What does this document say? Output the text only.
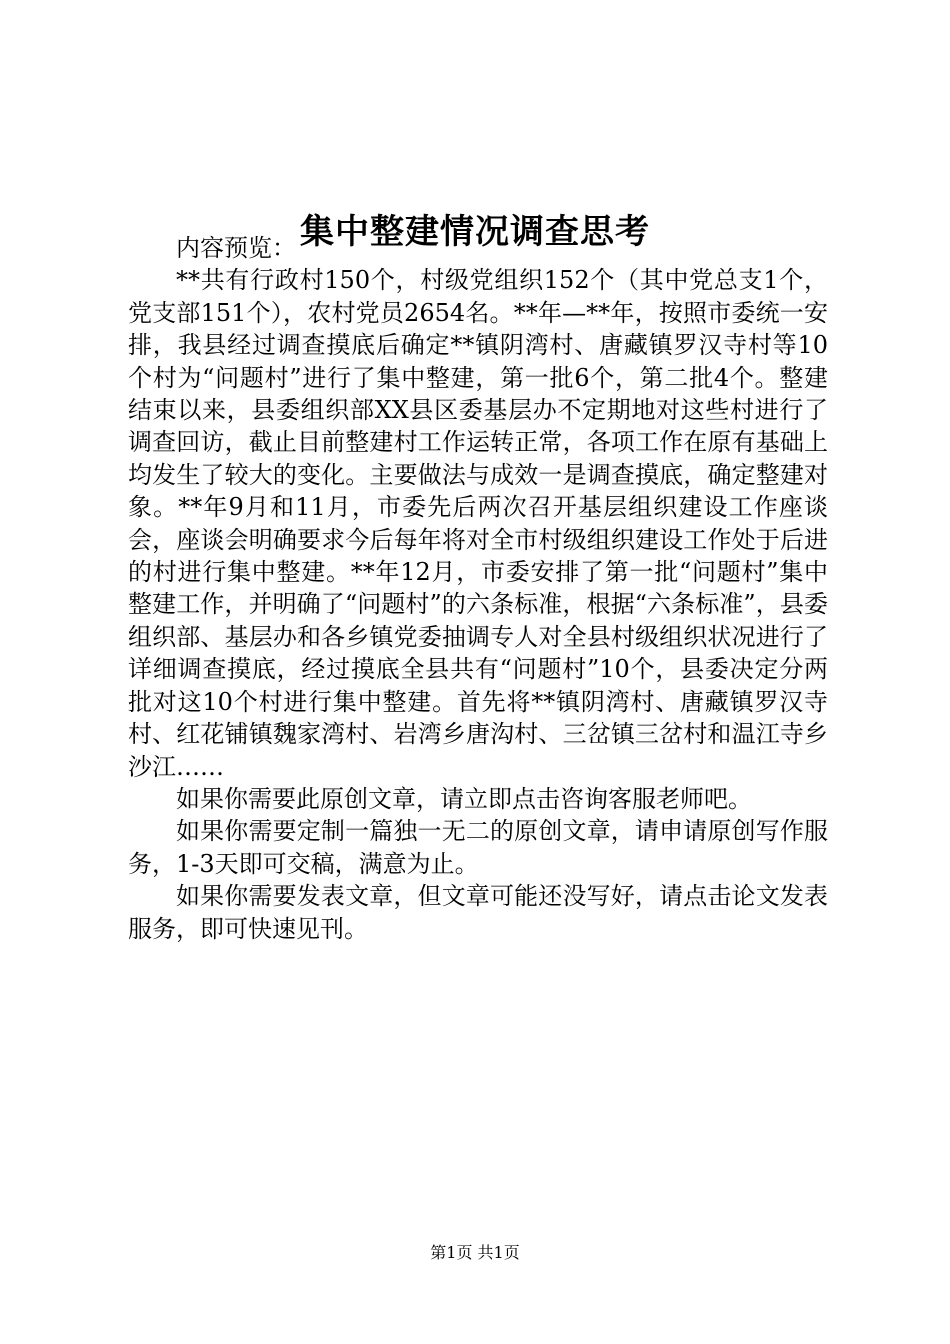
集中整建情况调查思考

内容预览：

**共有行政村150个，村级党组织152个（其中党总支1个，党支部151个），农村党员2654名。**年—**年，按照市委统一安排，我县经过调查摸底后确定**镇阴湾村、唐藏镇罗汉寺村等10个村为“问题村”进行了集中整建，第一批6个，第二批4个。整建结束以来，县委组织部XX县区委基层办不定期地对这些村进行了调查回访，截止目前整建村工作运转正常，各项工作在原有基础上均发生了较大的变化。主要做法与成效一是调查摸底，确定整建对象。**年9月和11月，市委先后两次召开基层组织建设工作座谈会，座谈会明确要求今后每年将对全市村级组织建设工作处于后进的村进行集中整建。**年12月，市委安排了第一批“问题村”集中整建工作，并明确了“问题村”的六条标准，根据“六条标准”，县委组织部、基层办和各乡镇党委抽调专人对全县村级组织状况进行了详细调查摸底，经过摸底全县共有“问题村”10个，县委决定分两批对这10个村进行集中整建。首先将**镇阴湾村、唐藏镇罗汉寺村、红花铺镇魏家湾村、岩湾乡唐沟村、三岔镇三岔村和温江寺乡沙江……

如果你需要此原创文章，请立即点击咨询客服老师吧。

如果你需要定制一篇独一无二的原创文章，请申请原创写作服务，1-3天即可交稿，满意为止。

如果你需要发表文章，但文章可能还没写好，请点击论文发表服务，即可快速见刊。

第1页 共1页
